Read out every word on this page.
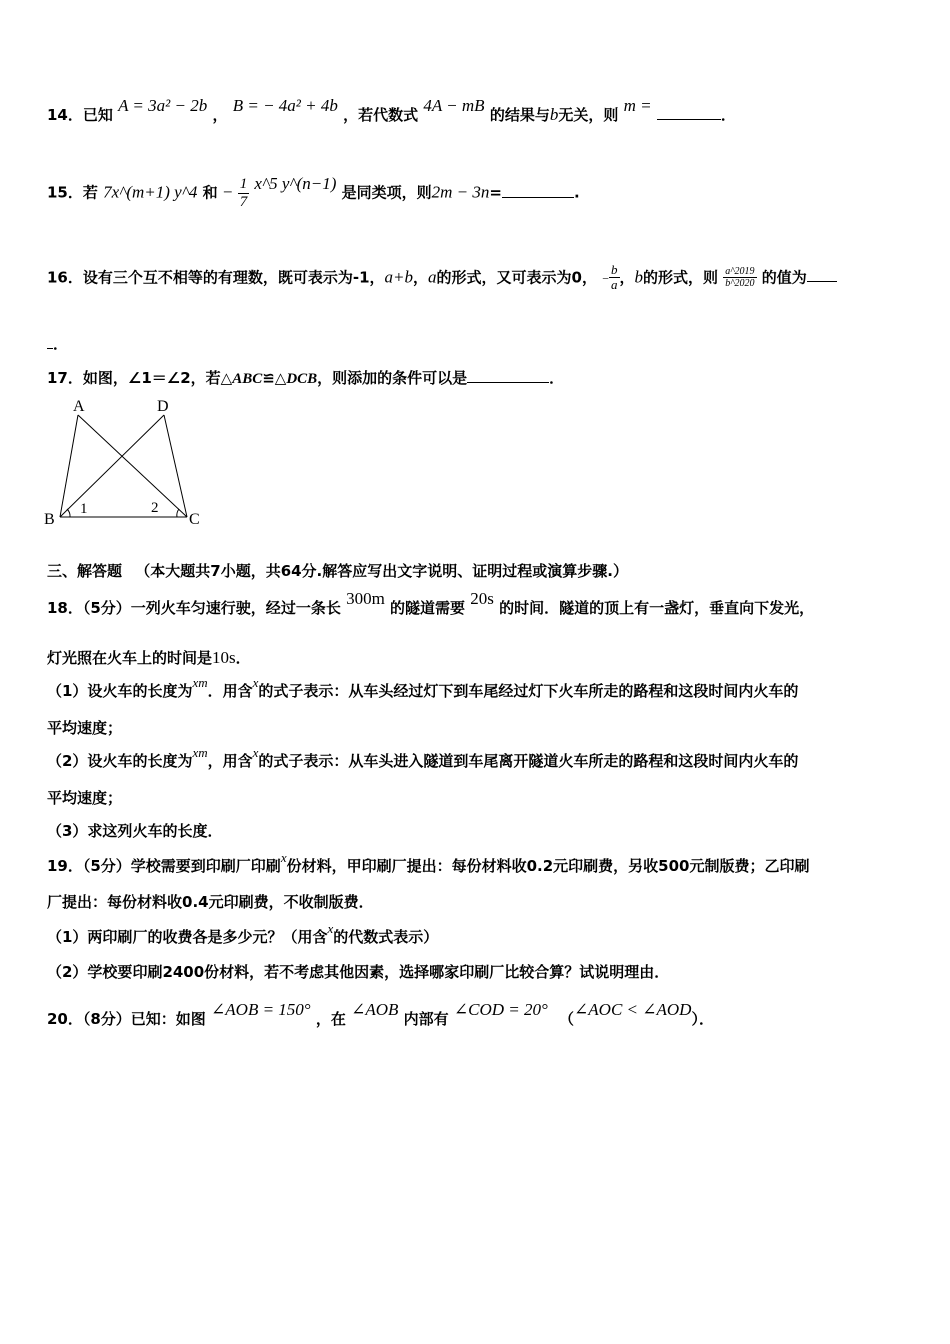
14．已知 A = 3a² − 2b ， B = − 4a² + 4b ，若代数式 4A − mB 的结果与b无关，则 m =	．
15．若 7x^(m+1) y^4 和 − $\frac{1}{7}$ x^5 y^(n−1) 是同类项，则2m − 3n=	.
16．设有三个互不相等的有理数，既可表示为-1，a+b，a的形式，又可表示为0， − $\frac{b}{a}$ ，b的形式，则 $\frac{a\^{}2019}{b\^{}2020}$ 的值为
．
17．如图，∠1＝∠2，若△ABC≌△DCB，则添加的条件可以是	．
A	D
B	C
1	2
三、解答题 （本大题共7小题，共64分.解答应写出文字说明、证明过程或演算步骤.）
18．（5分）一列火车匀速行驶，经过一条长 300m 的隧道需要 20s 的时间．隧道的顶上有一盏灯，垂直向下发光，
灯光照在火车上的时间是10s．
（1）设火车的长度为xm．用含x的式子表示：从车头经过灯下到车尾经过灯下火车所走的路程和这段时间内火车的
平均速度；
（2）设火车的长度为xm，用含x的式子表示：从车头进入隧道到车尾离开隧道火车所走的路程和这段时间内火车的
平均速度；
（3）求这列火车的长度．
19．（5分）学校需要到印刷厂印刷x份材料，甲印刷厂提出：每份材料收0.2元印刷费，另收500元制版费；乙印刷
厂提出：每份材料收0.4元印刷费，不收制版费．
（1）两印刷厂的收费各是多少元？（用含x的代数式表示）
（2）学校要印刷2400份材料，若不考虑其他因素，选择哪家印刷厂比较合算？试说明理由．
20．（8分）已知：如图 ∠AOB = 150° ，在 ∠AOB 内部有 ∠COD = 20° （∠AOC < ∠AOD）．
